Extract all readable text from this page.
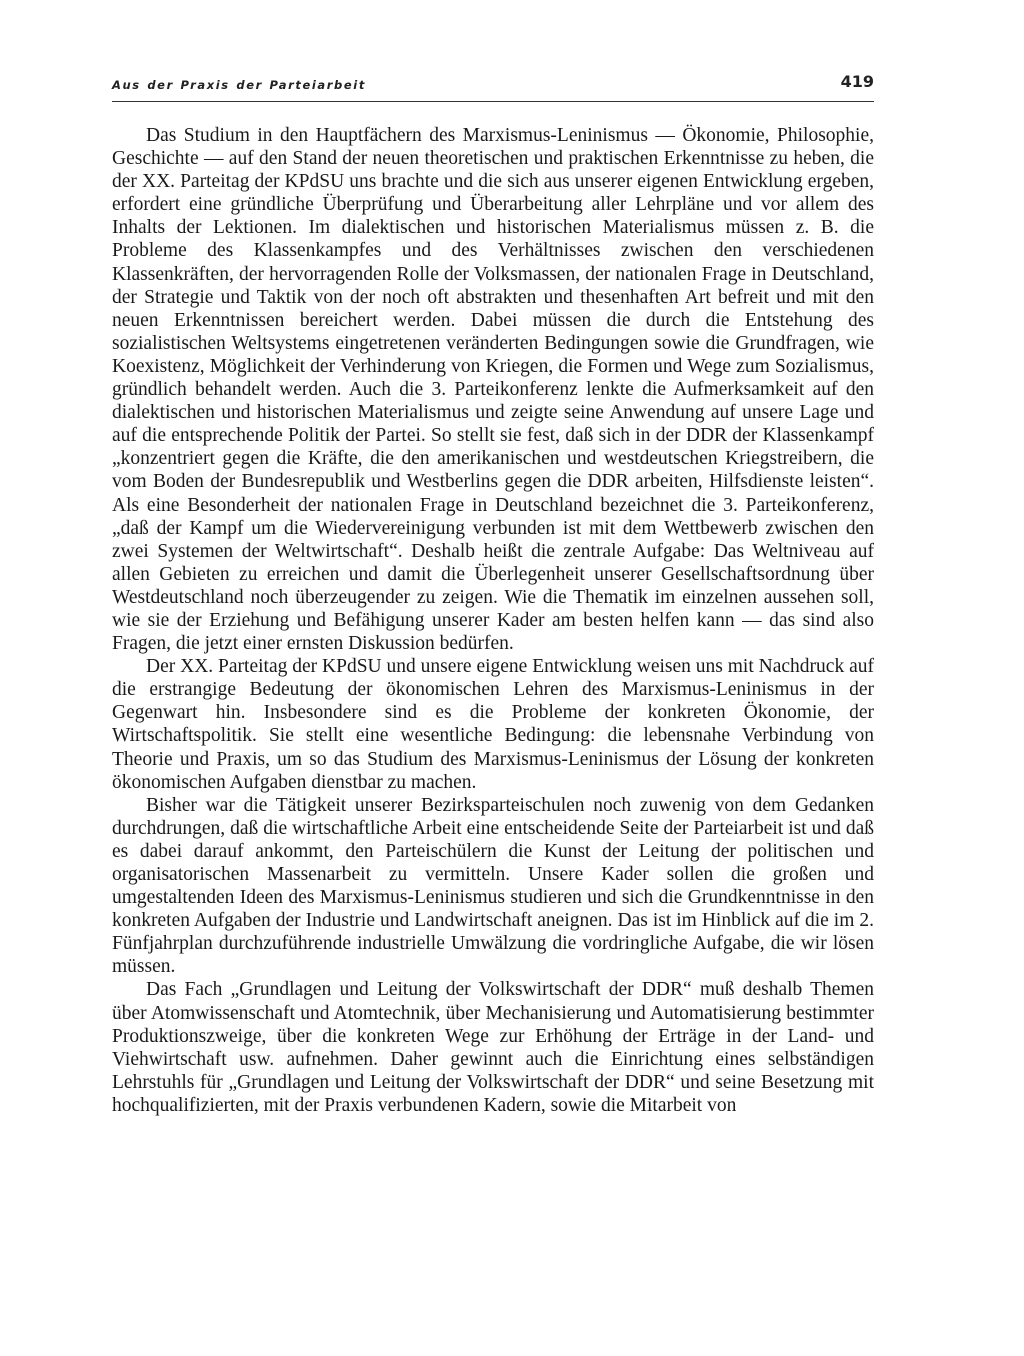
Aus der Praxis der Parteiarbeit	419

Das Studium in den Hauptfächern des Marxismus-Leninismus — Ökonomie, Philosophie, Geschichte — auf den Stand der neuen theoretischen und praktischen Erkenntnisse zu heben, die der XX. Parteitag der KPdSU uns brachte und die sich aus unserer eigenen Entwicklung ergeben, erfordert eine gründliche Überprüfung und Überarbeitung aller Lehrpläne und vor allem des Inhalts der Lektionen. Im dialektischen und historischen Materialismus müssen z. B. die Probleme des Klassenkampfes und des Verhältnisses zwischen den verschiedenen Klassenkräften, der hervorragenden Rolle der Volksmassen, der nationalen Frage in Deutschland, der Strategie und Taktik von der noch oft abstrakten und thesenhaften Art befreit und mit den neuen Erkenntnissen bereichert werden. Dabei müssen die durch die Entstehung des sozialistischen Weltsystems eingetretenen veränderten Bedingungen sowie die Grundfragen, wie Koexistenz, Möglichkeit der Verhinderung von Kriegen, die Formen und Wege zum Sozialismus, gründlich behandelt werden. Auch die 3. Parteikonferenz lenkte die Aufmerksamkeit auf den dialektischen und historischen Materialismus und zeigte seine Anwendung auf unsere Lage und auf die entsprechende Politik der Partei. So stellt sie fest, daß sich in der DDR der Klassenkampf „konzentriert gegen die Kräfte, die den amerikanischen und westdeutschen Kriegstreibern, die vom Boden der Bundesrepublik und Westberlins gegen die DDR arbeiten, Hilfsdienste leisten“. Als eine Besonderheit der nationalen Frage in Deutschland bezeichnet die 3. Parteikonferenz, „daß der Kampf um die Wiedervereinigung verbunden ist mit dem Wettbewerb zwischen den zwei Systemen der Weltwirtschaft“. Deshalb heißt die zentrale Aufgabe: Das Weltniveau auf allen Gebieten zu erreichen und damit die Überlegenheit unserer Gesellschaftsordnung über Westdeutschland noch überzeugender zu zeigen. Wie die Thematik im einzelnen aussehen soll, wie sie der Erziehung und Befähigung unserer Kader am besten helfen kann — das sind also Fragen, die jetzt einer ernsten Diskussion bedürfen.

Der XX. Parteitag der KPdSU und unsere eigene Entwicklung weisen uns mit Nachdruck auf die erstrangige Bedeutung der ökonomischen Lehren des Marxismus-Leninismus in der Gegenwart hin. Insbesondere sind es die Probleme der konkreten Ökonomie, der Wirtschaftspolitik. Sie stellt eine wesentliche Bedingung: die lebensnahe Verbindung von Theorie und Praxis, um so das Studium des Marxismus-Leninismus der Lösung der konkreten ökonomischen Aufgaben dienstbar zu machen.

Bisher war die Tätigkeit unserer Bezirksparteischulen noch zuwenig von dem Gedanken durchdrungen, daß die wirtschaftliche Arbeit eine entscheidende Seite der Parteiarbeit ist und daß es dabei darauf ankommt, den Parteischülern die Kunst der Leitung der politischen und organisatorischen Massenarbeit zu vermitteln. Unsere Kader sollen die großen und umgestaltenden Ideen des Marxismus-Leninismus studieren und sich die Grundkenntnisse in den konkreten Aufgaben der Industrie und Landwirtschaft aneignen. Das ist im Hinblick auf die im 2. Fünfjahrplan durchzuführende industrielle Umwälzung die vordringliche Aufgabe, die wir lösen müssen.

Das Fach „Grundlagen und Leitung der Volkswirtschaft der DDR“ muß deshalb Themen über Atomwissenschaft und Atomtechnik, über Mechanisierung und Automatisierung bestimmter Produktionszweige, über die konkreten Wege zur Erhöhung der Erträge in der Land- und Viehwirtschaft usw. aufnehmen. Daher gewinnt auch die Einrichtung eines selbständigen Lehrstuhls für „Grundlagen und Leitung der Volkswirtschaft der DDR“ und seine Besetzung mit hochqualifizierten, mit der Praxis verbundenen Kadern, sowie die Mitarbeit von
